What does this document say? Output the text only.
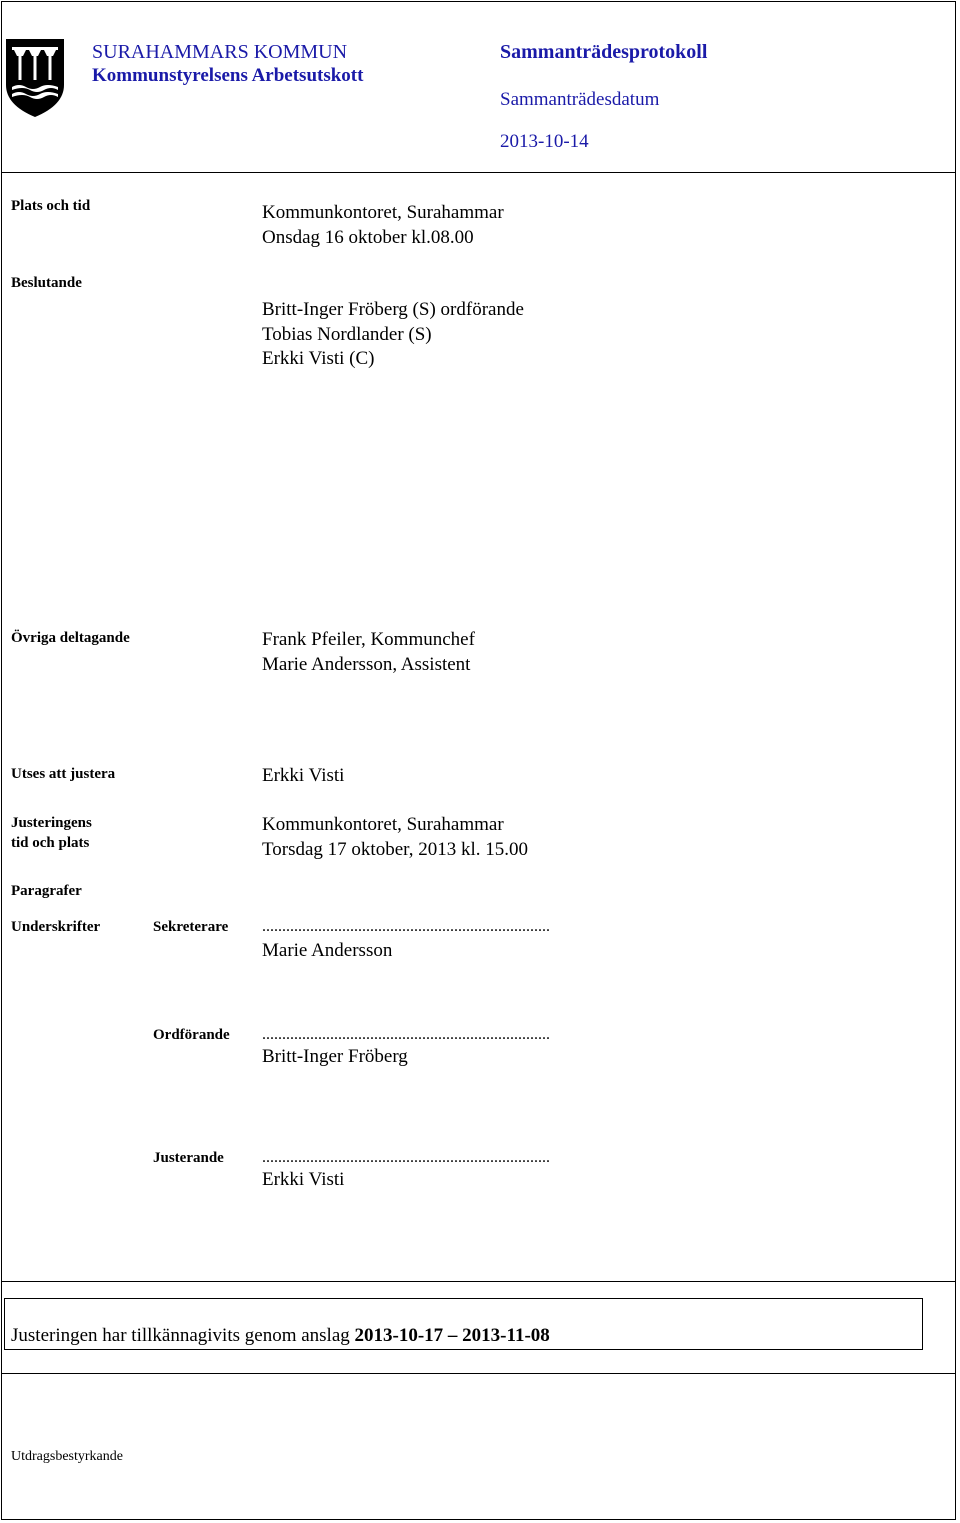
SURAHAMMARS KOMMUN
Kommunstyrelsens Arbetsutskott
Sammanträdesprotokoll
Sammanträdesdatum
2013-10-14
Plats och tid	Kommunkontoret, Surahammar
Onsdag 16 oktober kl.08.00
Beslutande
Britt-Inger Fröberg (S) ordförande
Tobias Nordlander (S)
Erkki Visti (C)
Övriga deltagande	Frank Pfeiler, Kommunchef
Marie Andersson, Assistent
Utses att justera	Erkki Visti
Justeringens
tid och plats
Kommunkontoret, Surahammar
Torsdag 17 oktober, 2013 kl. 15.00
Paragrafer
Underskrifter	Sekreterare ........................................................................
Marie Andersson
Ordförande ........................................................................
Britt-Inger Fröberg
Justerande ........................................................................
Erkki Visti
Justeringen har tillkännagivits genom anslag 2013-10-17 – 2013-11-08
Utdragsbestyrkande
